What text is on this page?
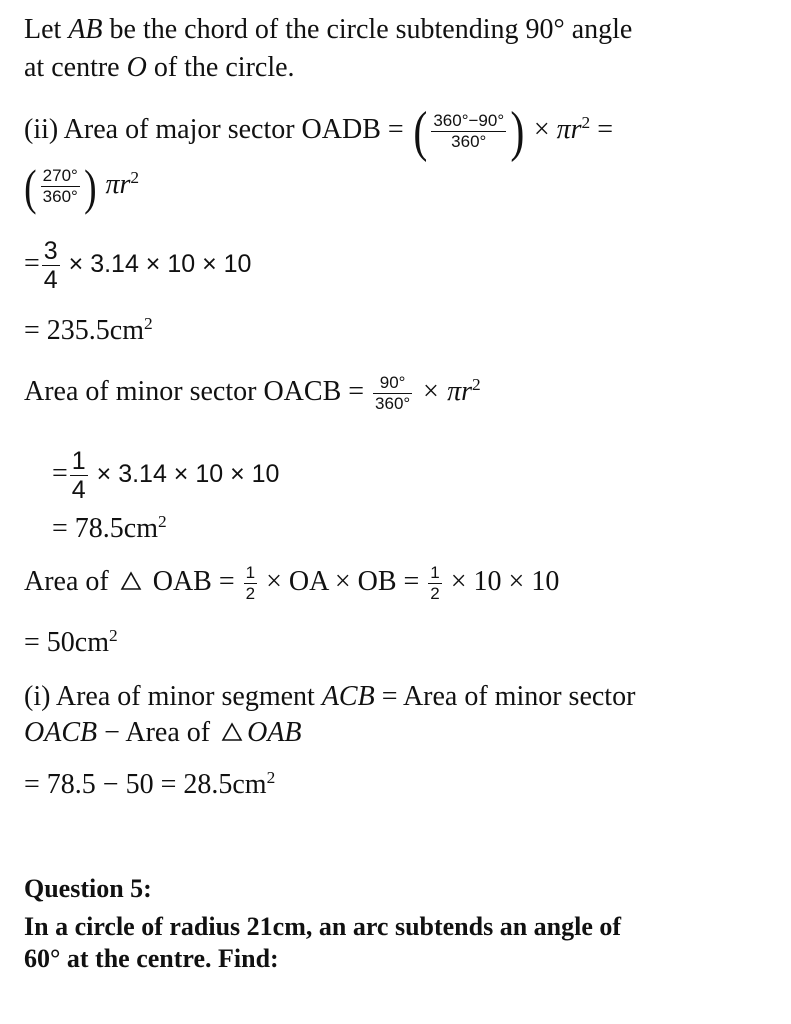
Let AB be the chord of the circle subtending 90° angle
at centre O of the circle.
(ii) Area of major sector OADB = ( $\frac{360^\circ-90^\circ}{360^\circ}$ ) × $\pi r^2$ =
( $\frac{270^\circ}{360^\circ}$ ) $\pi r^2$
= $\frac{3}{4} \times 3.14 \times 10 \times 10$
= $235.5cm^2$
Area of minor sector OACB = $\frac{90^\circ}{360^\circ} \times \pi r^2$
= $\frac{1}{4} \times 3.14 \times 10 \times 10$
= $78.5cm^2$
Area of  OAB = $\frac{1}{2}$ × OA × OB = $\frac{1}{2} \times 10 \times 10$
= $50cm^2$
(i) Area of minor segment ACB = Area of minor sector
OACB − Area of OAB
= $78.5 - 50 = 28.5cm^2$
Question 5:
In a circle of radius 21cm, an arc subtends an angle of
60° at the centre. Find:
